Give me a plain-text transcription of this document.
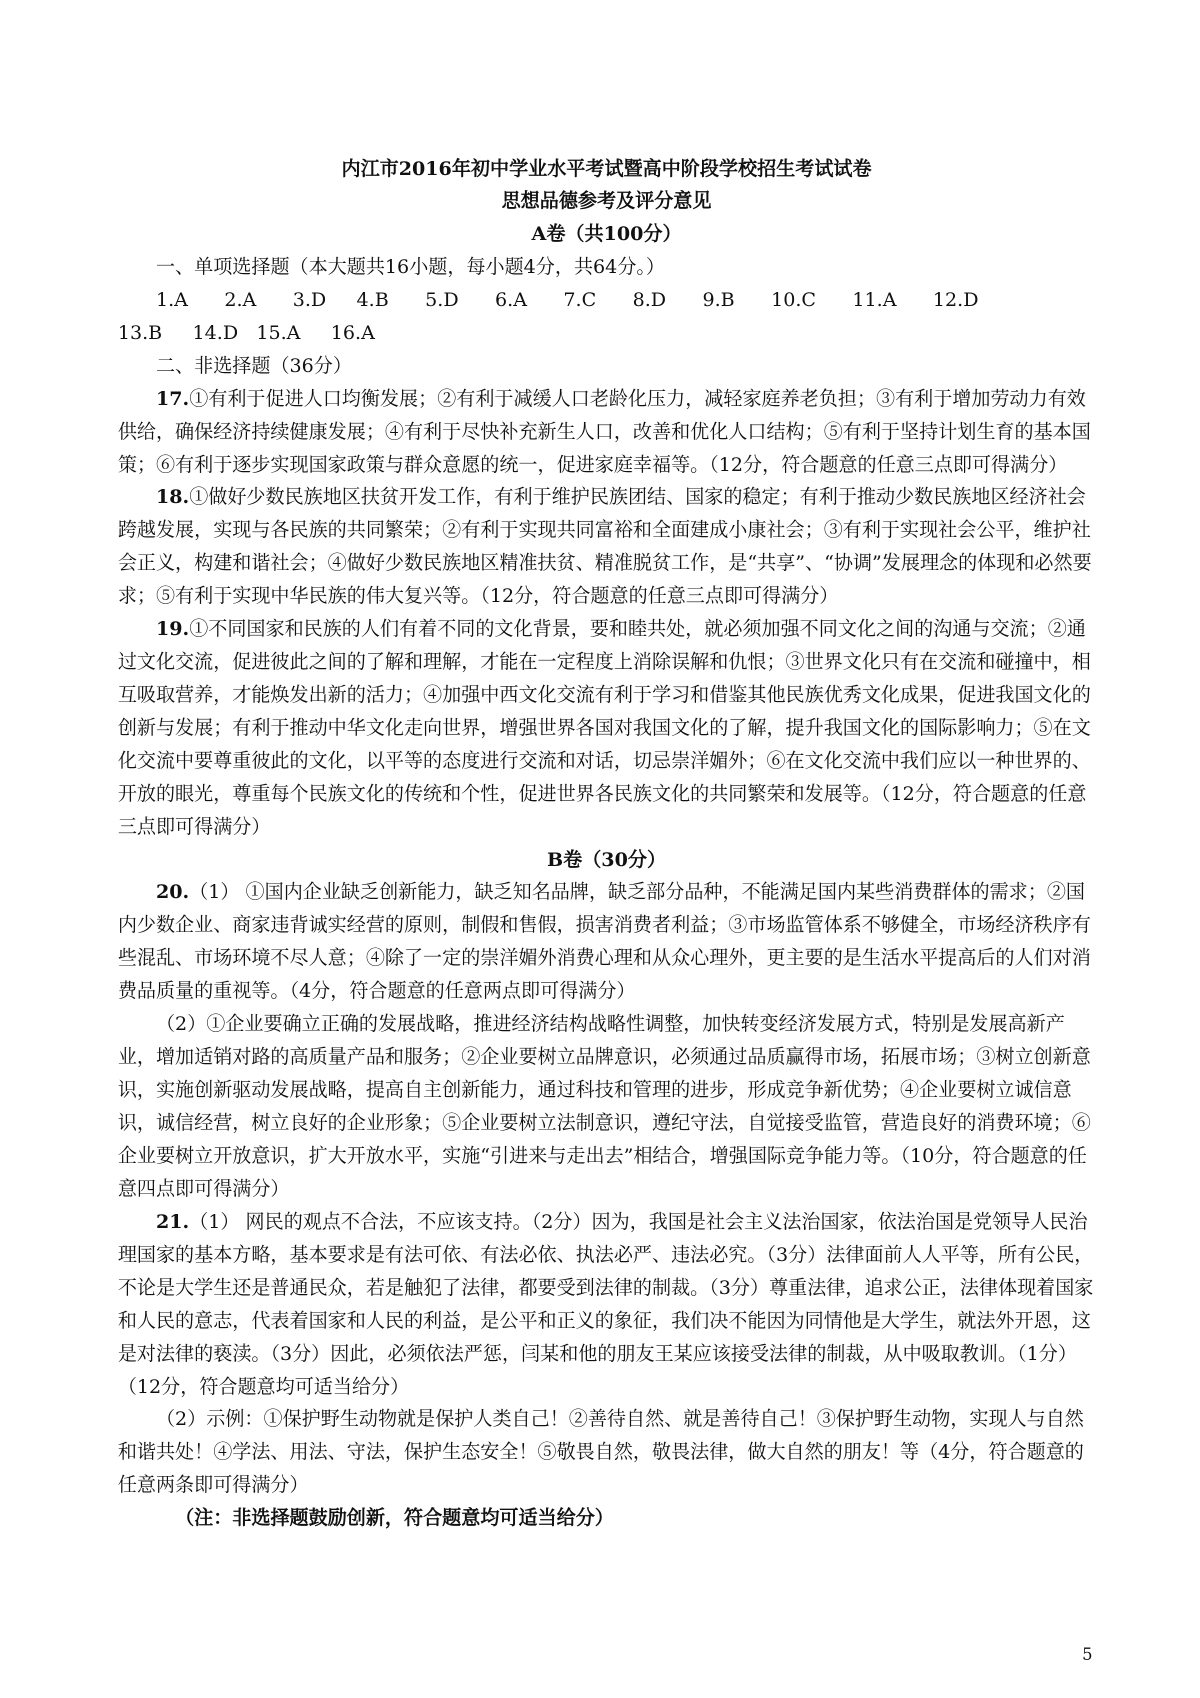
内江市2016年初中学业水平考试暨高中阶段学校招生考试试卷
思想品德参考及评分意见
A卷（共100分）

一、单项选择题（本大题共16小题，每小题4分，共64分。）

1.A      2.A      3.D     4.B      5.D      6.A      7.C      8.D      9.B      10.C      11.A      12.D

13.B     14.D   15.A     16.A

二、非选择题（36分）

17.①有利于促进人口均衡发展；②有利于减缓人口老龄化压力，减轻家庭养老负担；③有利于增加劳动力有效供给，确保经济持续健康发展；④有利于尽快补充新生人口，改善和优化人口结构；⑤有利于坚持计划生育的基本国策；⑥有利于逐步实现国家政策与群众意愿的统一，促进家庭幸福等。（12分，符合题意的任意三点即可得满分）

18.①做好少数民族地区扶贫开发工作，有利于维护民族团结、国家的稳定；有利于推动少数民族地区经济社会跨越发展，实现与各民族的共同繁荣；②有利于实现共同富裕和全面建成小康社会；③有利于实现社会公平，维护社会正义，构建和谐社会；④做好少数民族地区精准扶贫、精准脱贫工作，是“共享”、“协调”发展理念的体现和必然要求；⑤有利于实现中华民族的伟大复兴等。（12分，符合题意的任意三点即可得满分）

19.①不同国家和民族的人们有着不同的文化背景，要和睦共处，就必须加强不同文化之间的沟通与交流；②通过文化交流，促进彼此之间的了解和理解，才能在一定程度上消除误解和仇恨；③世界文化只有在交流和碰撞中，相互吸取营养，才能焕发出新的活力；④加强中西文化交流有利于学习和借鉴其他民族优秀文化成果，促进我国文化的创新与发展；有利于推动中华文化走向世界，增强世界各国对我国文化的了解，提升我国文化的国际影响力；⑤在文化交流中要尊重彼此的文化，以平等的态度进行交流和对话，切忌崇洋媚外；⑥在文化交流中我们应以一种世界的、开放的眼光，尊重每个民族文化的传统和个性，促进世界各民族文化的共同繁荣和发展等。（12分，符合题意的任意三点即可得满分）

B卷（30分）

20.（1） ①国内企业缺乏创新能力，缺乏知名品牌，缺乏部分品种，不能满足国内某些消费群体的需求；②国内少数企业、商家违背诚实经营的原则，制假和售假，损害消费者利益；③市场监管体系不够健全，市场经济秩序有些混乱、市场环境不尽人意；④除了一定的崇洋媚外消费心理和从众心理外，更主要的是生活水平提高后的人们对消费品质量的重视等。（4分，符合题意的任意两点即可得满分）

（2）①企业要确立正确的发展战略，推进经济结构战略性调整，加快转变经济发展方式，特别是发展高新产业，增加适销对路的高质量产品和服务；②企业要树立品牌意识，必须通过品质赢得市场，拓展市场；③树立创新意识，实施创新驱动发展战略，提高自主创新能力，通过科技和管理的进步，形成竞争新优势；④企业要树立诚信意识，诚信经营，树立良好的企业形象；⑤企业要树立法制意识，遵纪守法，自觉接受监管，营造良好的消费环境；⑥企业要树立开放意识，扩大开放水平，实施“引进来与走出去”相结合，增强国际竞争能力等。（10分，符合题意的任意四点即可得满分）

21.（1） 网民的观点不合法，不应该支持。（2分）因为，我国是社会主义法治国家，依法治国是党领导人民治理国家的基本方略，基本要求是有法可依、有法必依、执法必严、违法必究。（3分）法律面前人人平等，所有公民，不论是大学生还是普通民众，若是触犯了法律，都要受到法律的制裁。（3分）尊重法律，追求公正，法律体现着国家和人民的意志，代表着国家和人民的利益，是公平和正义的象征，我们决不能因为同情他是大学生，就法外开恩，这是对法律的亵渎。（3分）因此，必须依法严惩，闫某和他的朋友王某应该接受法律的制裁，从中吸取教训。（1分）（12分，符合题意均可适当给分）

（2）示例：①保护野生动物就是保护人类自己！②善待自然、就是善待自己！③保护野生动物，实现人与自然和谐共处！④学法、用法、守法，保护生态安全！⑤敬畏自然，敬畏法律，做大自然的朋友！等（4分，符合题意的任意两条即可得满分）

（注：非选择题鼓励创新，符合题意均可适当给分）

5
